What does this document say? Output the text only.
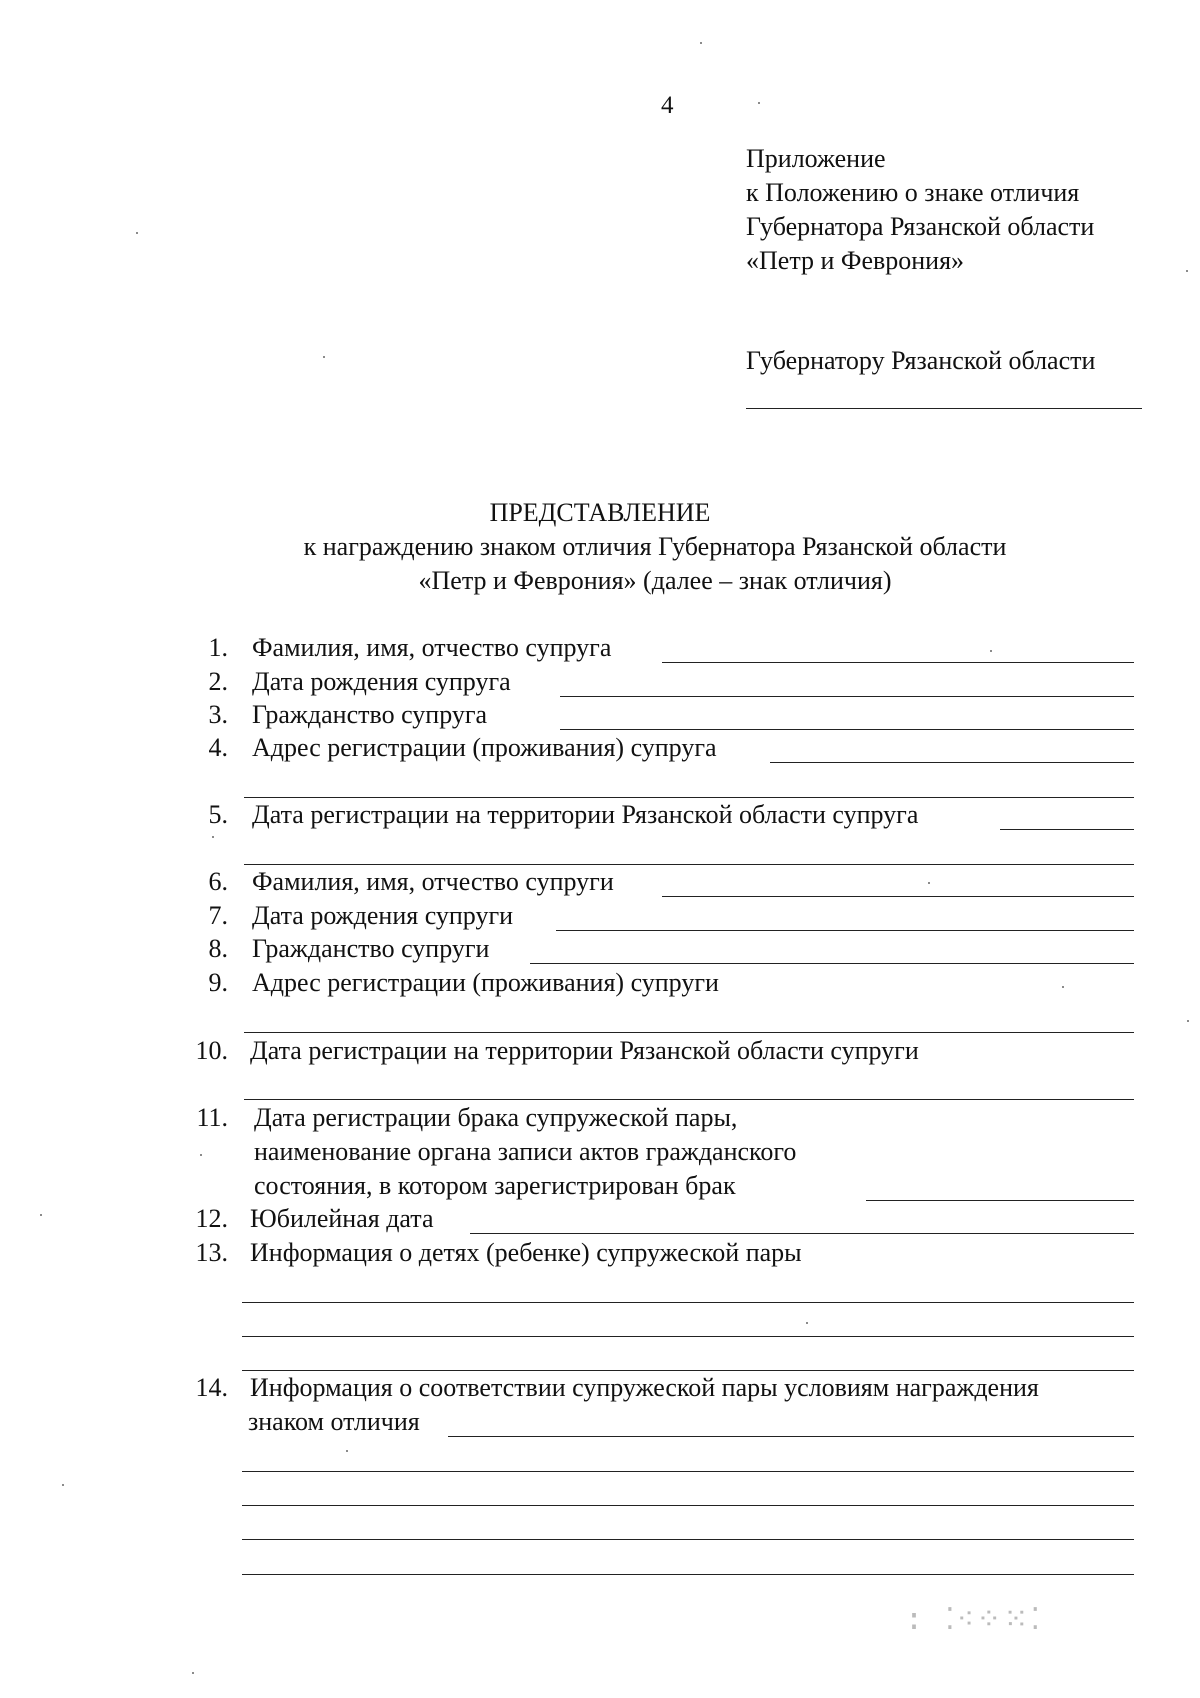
4
Приложение
к Положению о знаке отличия
Губернатора Рязанской области
«Петр и Феврония»
Губернатору Рязанской области
ПРЕДСТАВЛЕНИЕ
к награждению знаком отличия Губернатора Рязанской области
«Петр и Феврония» (далее – знак отличия)
1. Фамилия, имя, отчество супруга
2. Дата рождения супруга
3. Гражданство супруга
4. Адрес регистрации (проживания) супруга
5. Дата регистрации на территории Рязанской области супруга
6. Фамилия, имя, отчество супруги
7. Дата рождения супруги
8. Гражданство супруги
9. Адрес регистрации (проживания) супруги
10. Дата регистрации на территории Рязанской области супруги
11. Дата регистрации брака супружеской пары,
наименование органа записи актов гражданского
состояния, в котором зарегистрирован брак
12. Юбилейная дата
13. Информация о детях (ребенке) супружеской пары
14. Информация о соответствии супружеской пары условиям награждения
знаком отличия
: ⁚⁖⁘⁙⁚
